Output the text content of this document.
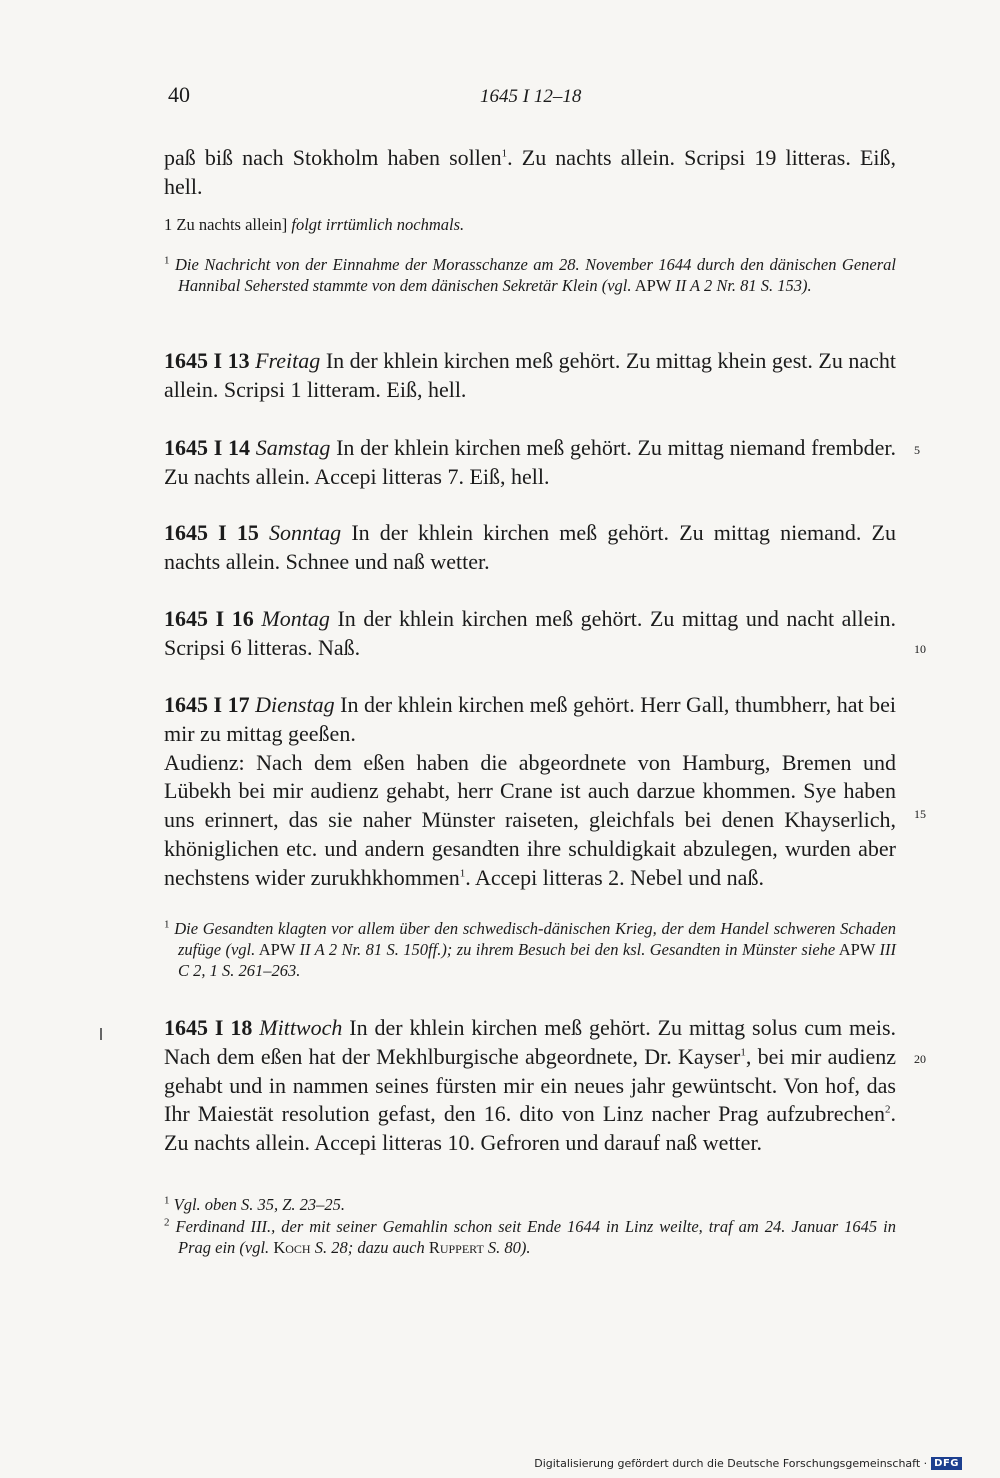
40	1645 I 12–18

paß biß nach Stokholm haben sollen$^1$. Zu nachts allein. Scripsi 19 litteras. Eiß, hell.

1 Zu nachts allein] folgt irrtümlich nochmals.

$^1$ Die Nachricht von der Einnahme der Morasschanze am 28. November 1644 durch den dänischen General Hannibal Sehersted stammte von dem dänischen Sekretär Klein (vgl. APW II A 2 Nr. 81 S. 153).

1645 I 13 Freitag In der khlein kirchen meß gehört. Zu mittag khein gest. Zu nacht allein. Scripsi 1 litteram. Eiß, hell.

1645 I 14 Samstag In der khlein kirchen meß gehört. Zu mittag niemand frembder. Zu nachts allein. Accepi litteras 7. Eiß, hell.

1645 I 15 Sonntag In der khlein kirchen meß gehört. Zu mittag niemand. Zu nachts allein. Schnee und naß wetter.

1645 I 16 Montag In der khlein kirchen meß gehört. Zu mittag und nacht allein. Scripsi 6 litteras. Naß.

1645 I 17 Dienstag In der khlein kirchen meß gehört. Herr Gall, thumbherr, hat bei mir zu mittag geeßen.

Audienz: Nach dem eßen haben die abgeordnete von Hamburg, Bremen und Lübekh bei mir audienz gehabt, herr Crane ist auch darzue khommen. Sye haben uns erinnert, das sie naher Münster raiseten, gleichfals bei denen Khayserlich, khöniglichen etc. und andern gesandten ihre schuldigkait abzulegen, wurden aber nechstens wider zurukhkhommen$^1$. Accepi litteras 2. Nebel und naß.

$^1$ Die Gesandten klagten vor allem über den schwedisch-dänischen Krieg, der dem Handel schweren Schaden zufüge (vgl. APW II A 2 Nr. 81 S. 150ff.); zu ihrem Besuch bei den ksl. Gesandten in Münster siehe APW III C 2, 1 S. 261–263.

1645 I 18 Mittwoch In der khlein kirchen meß gehört. Zu mittag solus cum meis. Nach dem eßen hat der Mekhlburgische abgeordnete, Dr. Kayser$^1$, bei mir audienz gehabt und in nammen seines fürsten mir ein neues jahr gewüntscht. Von hof, das Ihr Maiestät resolution gefast, den 16. dito von Linz nacher Prag aufzubrechen$^2$. Zu nachts allein. Accepi litteras 10. Gefroren und darauf naß wetter.

$^1$ Vgl. oben S. 35, Z. 23–25.

$^2$ Ferdinand III., der mit seiner Gemahlin schon seit Ende 1644 in Linz weilte, traf am 24. Januar 1645 in Prag ein (vgl. Koch S. 28; dazu auch Ruppert S. 80).

5
10
15
20
Digitalisierung gefördert durch die Deutsche Forschungsgemeinschaft · DFG
